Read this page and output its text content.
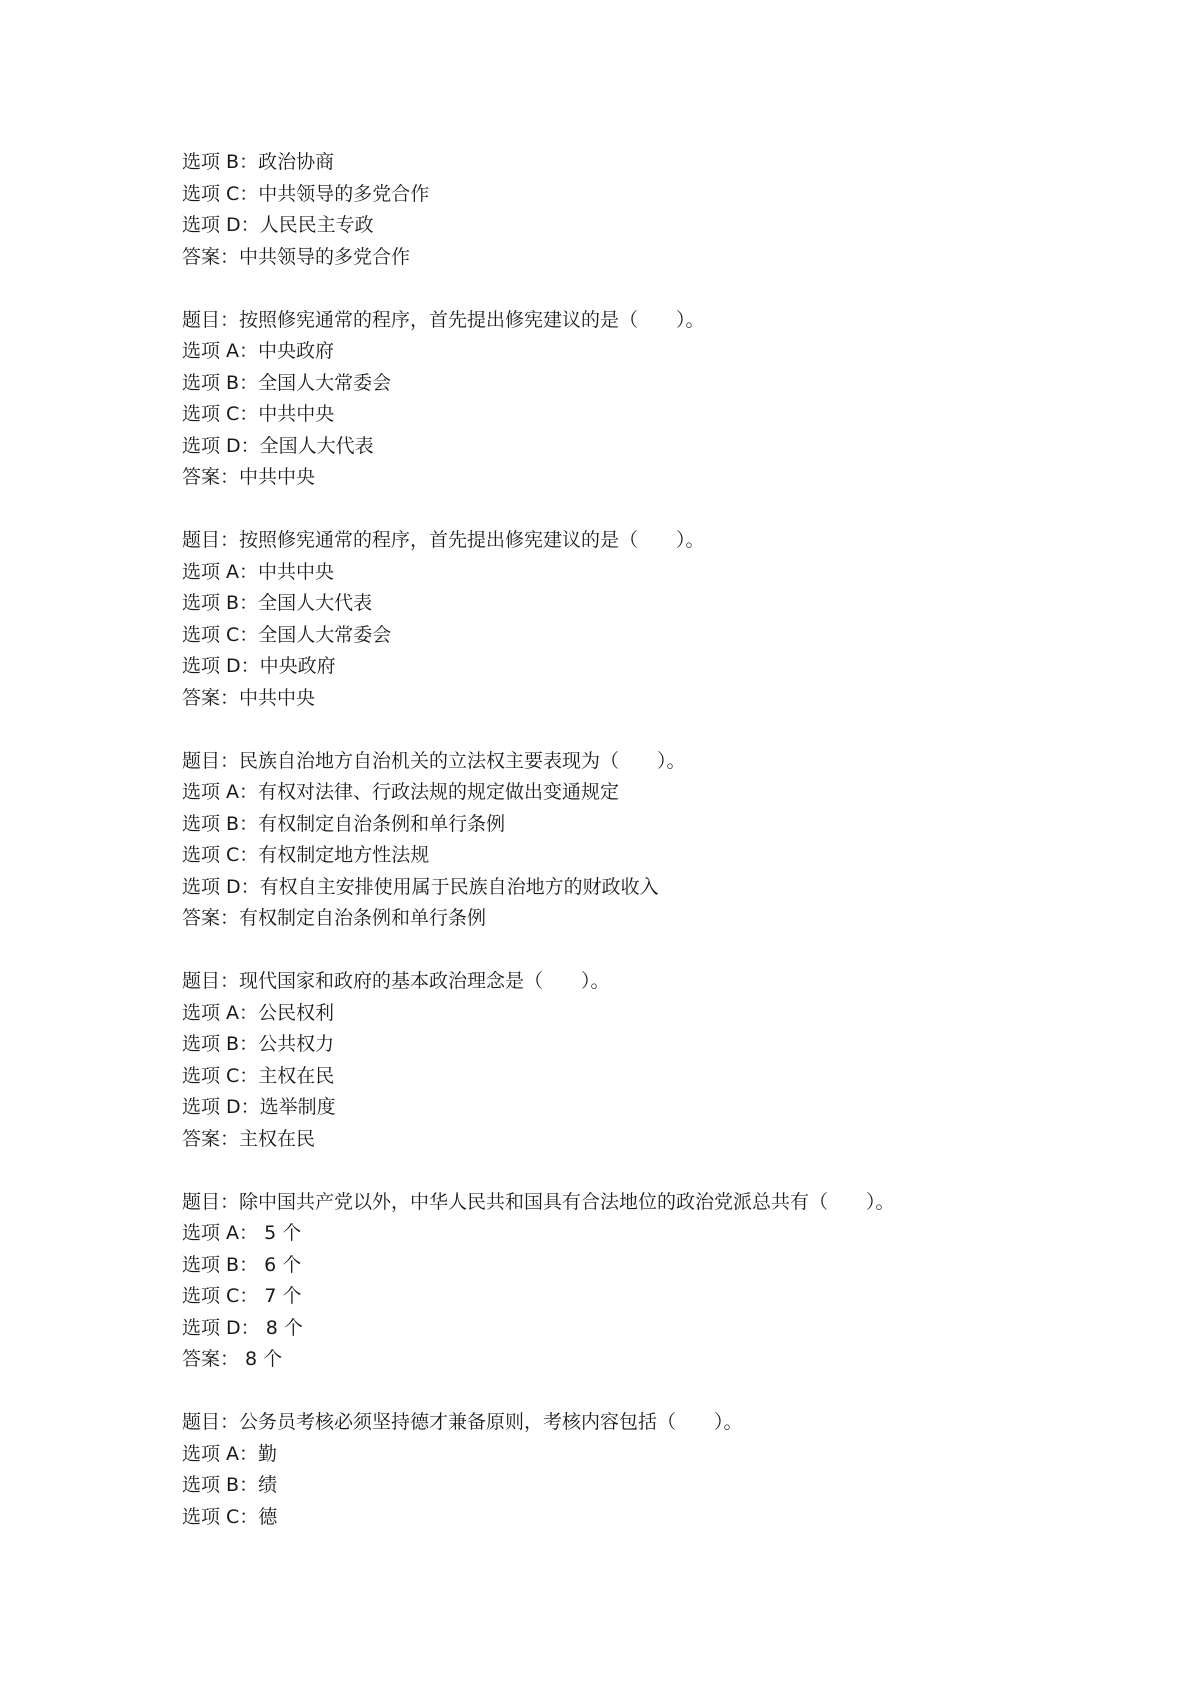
选项 B：政治协商
选项 C：中共领导的多党合作
选项 D：人民民主专政
答案：中共领导的多党合作
题目：按照修宪通常的程序，首先提出修宪建议的是（　　）。
选项 A：中央政府
选项 B：全国人大常委会
选项 C：中共中央
选项 D：全国人大代表
答案：中共中央
题目：按照修宪通常的程序，首先提出修宪建议的是（　　）。
选项 A：中共中央
选项 B：全国人大代表
选项 C：全国人大常委会
选项 D：中央政府
答案：中共中央
题目：民族自治地方自治机关的立法权主要表现为（　　）。
选项 A：有权对法律、行政法规的规定做出变通规定
选项 B：有权制定自治条例和单行条例
选项 C：有权制定地方性法规
选项 D：有权自主安排使用属于民族自治地方的财政收入
答案：有权制定自治条例和单行条例
题目：现代国家和政府的基本政治理念是（　　）。
选项 A：公民权利
选项 B：公共权力
选项 C：主权在民
选项 D：选举制度
答案：主权在民
题目：除中国共产党以外，中华人民共和国具有合法地位的政治党派总共有（　　）。
选项 A： 5 个
选项 B： 6 个
选项 C： 7 个
选项 D： 8 个
答案： 8 个
题目：公务员考核必须坚持德才兼备原则，考核内容包括（　　）。
选项 A：勤
选项 B：绩
选项 C：德
